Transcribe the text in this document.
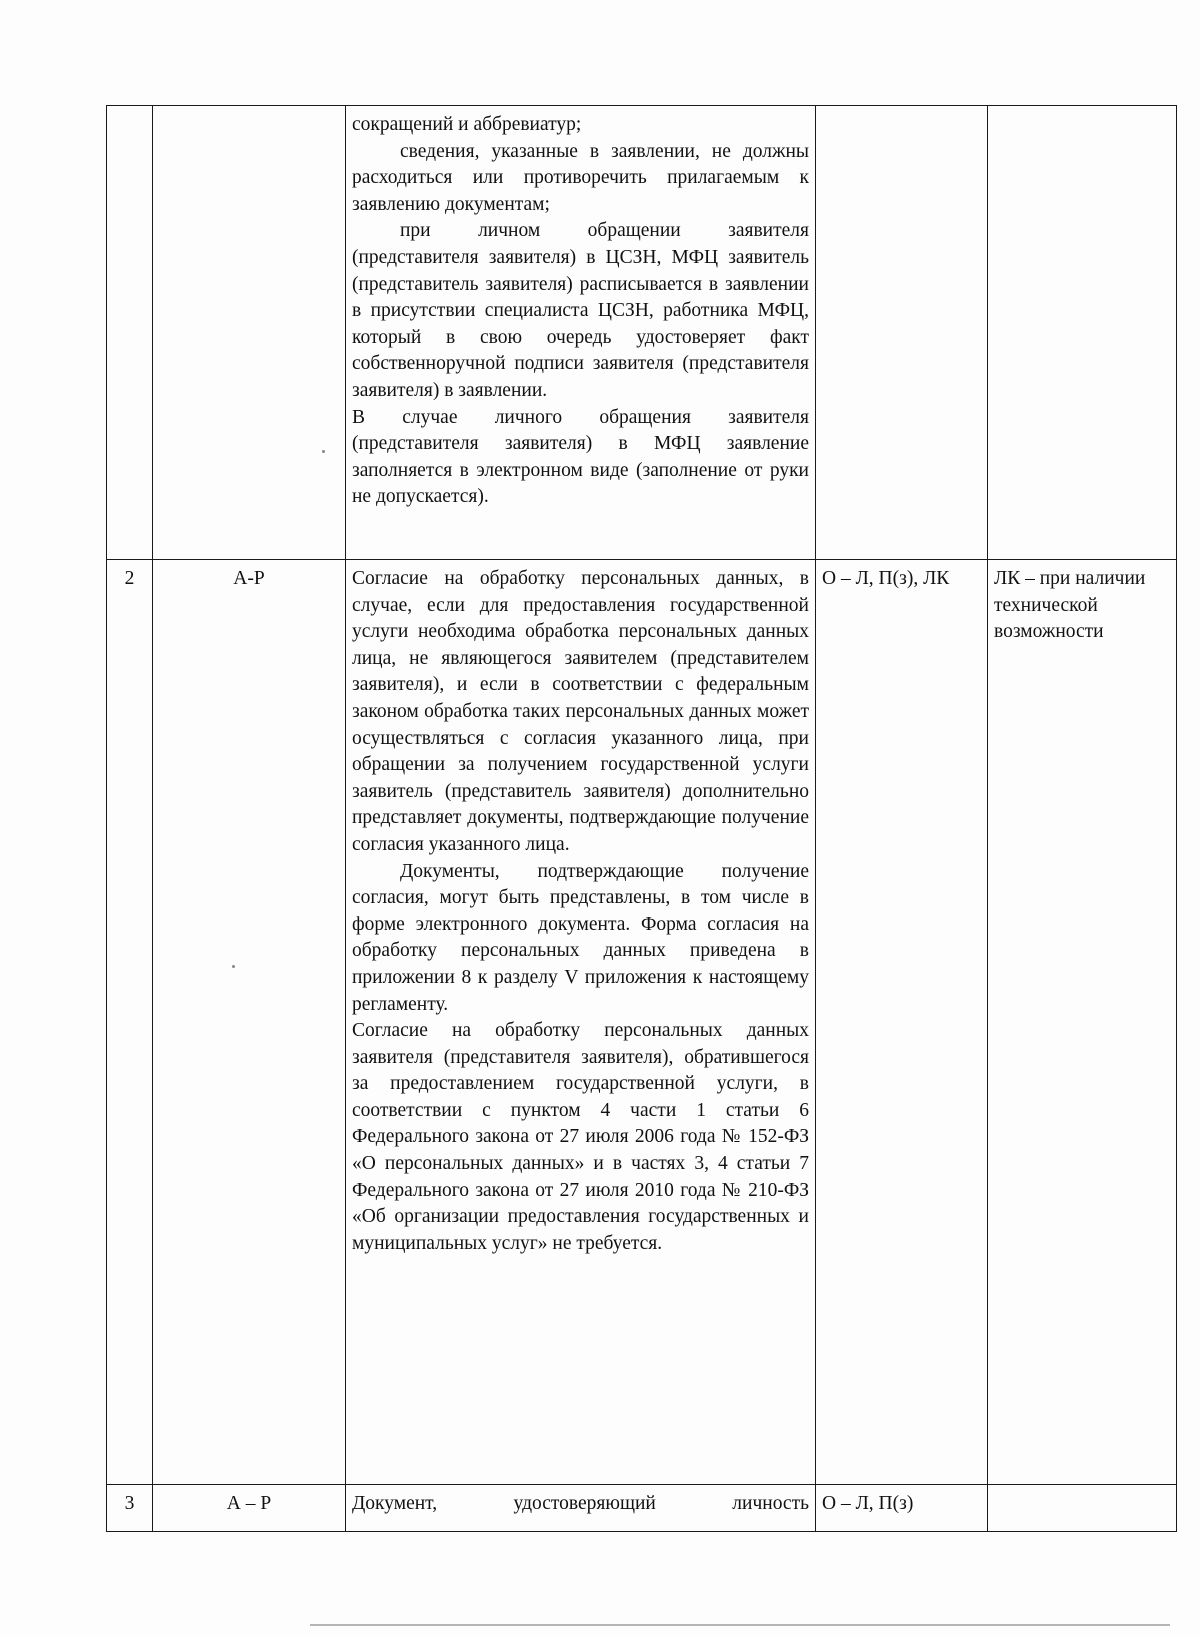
		сокращений и аббревиатур;

сведения, указанные в заявлении, не должны расходиться или противоречить прилагаемым к заявлению документам;

при личном обращении заявителя (представителя заявителя) в ЦСЗН, МФЦ заявитель (представитель заявителя) расписывается в заявлении в присутствии специалиста ЦСЗН, работника МФЦ, который в свою очередь удостоверяет факт собственноручной подписи заявителя (представителя заявителя) в заявлении.

В случае личного обращения заявителя (представителя заявителя) в МФЦ заявление заполняется в электронном виде (заполнение от руки не допускается).		

2	А-Р	Согласие на обработку персональных данных, в случае, если для предоставления государственной услуги необходима обработка персональных данных лица, не являющегося заявителем (представителем заявителя), и если в соответствии с федеральным законом обработка таких персональных данных может осуществляться с согласия указанного лица, при обращении за получением государственной услуги заявитель (представитель заявителя) дополнительно представляет документы, подтверждающие получение согласия указанного лица.

Документы, подтверждающие получение согласия, могут быть представлены, в том числе в форме электронного документа. Форма согласия на обработку персональных данных приведена в приложении 8 к разделу V приложения к настоящему регламенту.

Согласие на обработку персональных данных заявителя (представителя заявителя), обратившегося за предоставлением государственной услуги, в соответствии с пунктом 4 части 1 статьи 6 Федерального закона от 27 июля 2006 года № 152-ФЗ «О персональных данных» и в частях 3, 4 статьи 7 Федерального закона от 27 июля 2010 года № 210-ФЗ «Об организации предоставления государственных и муниципальных услуг» не требуется.	О – Л, П(з), ЛК	ЛК – при наличии технической возможности
3	А – Р	Документ, удостоверяющий личность	О – Л, П(з)	
